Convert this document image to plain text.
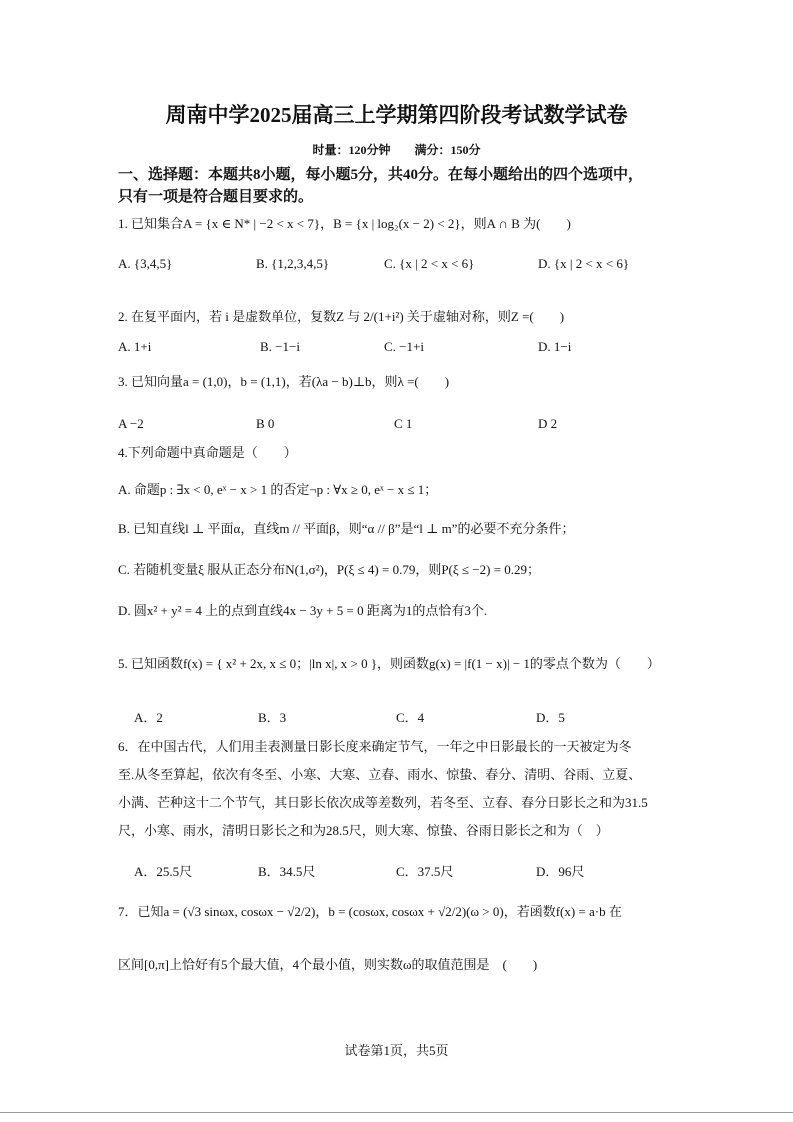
周南中学2025届高三上学期第四阶段考试数学试卷
时量：120分钟　　满分：150分
一、选择题：本题共8小题，每小题5分，共40分。在每小题给出的四个选项中，
只有一项是符合题目要求的。
1. 已知集合A = {x ∈ N* | −2 < x < 7}，B = {x | log₂(x − 2) < 2}，则A ∩ B 为(　　)
A. {3,4,5}	B. {1,2,3,4,5}	C. {x | 2 < x < 6}	D. {x | 2 < x < 6}
2. 在复平面内，若 i 是虚数单位，复数Z 与 2/(1+i²) 关于虚轴对称，则Z =(　　)
A. 1+i	B. −1−i	C. −1+i	D. 1−i
3. 已知向量a = (1,0)，b = (1,1)，若(λa − b)⊥b，则λ =(　　)
A −2	B 0	C 1	D 2
4.下列命题中真命题是（　　）
A. 命题p : ∃x < 0, eˣ − x > 1 的否定¬p : ∀x ≥ 0, eˣ − x ≤ 1；
B. 已知直线l ⊥ 平面α，直线m // 平面β，则“α // β”是“l ⊥ m”的必要不充分条件；
C. 若随机变量ξ 服从正态分布N(1,σ²)，P(ξ ≤ 4) = 0.79，则P(ξ ≤ −2) = 0.29；
D. 圆x² + y² = 4 上的点到直线4x − 3y + 5 = 0 距离为1的点恰有3个.
5. 已知函数f(x) = { x² + 2x, x ≤ 0；|ln x|, x > 0 }，则函数g(x) = |f(1 − x)| − 1的零点个数为（　　）
A．2	B．3	C．4	D．5
6．在中国古代，人们用圭表测量日影长度来确定节气，一年之中日影最长的一天被定为冬
至.从冬至算起，依次有冬至、小寒、大寒、立春、雨水、惊蛰、春分、清明、谷雨、立夏、
小满、芒种这十二个节气，其日影长依次成等差数列，若冬至、立春、春分日影长之和为31.5
尺，小寒、雨水，清明日影长之和为28.5尺，则大寒、惊蛰、谷雨日影长之和为（　）
A．25.5尺	B．34.5尺	C．37.5尺	D．96尺
7．已知a = (√3 sinωx, cosωx − √2/2)，b = (cosωx, cosωx + √2/2)(ω > 0)，若函数f(x) = a·b 在
区间[0,π]上恰好有5个最大值，4个最小值，则实数ω的取值范围是　(　　)
试卷第1页，共5页
